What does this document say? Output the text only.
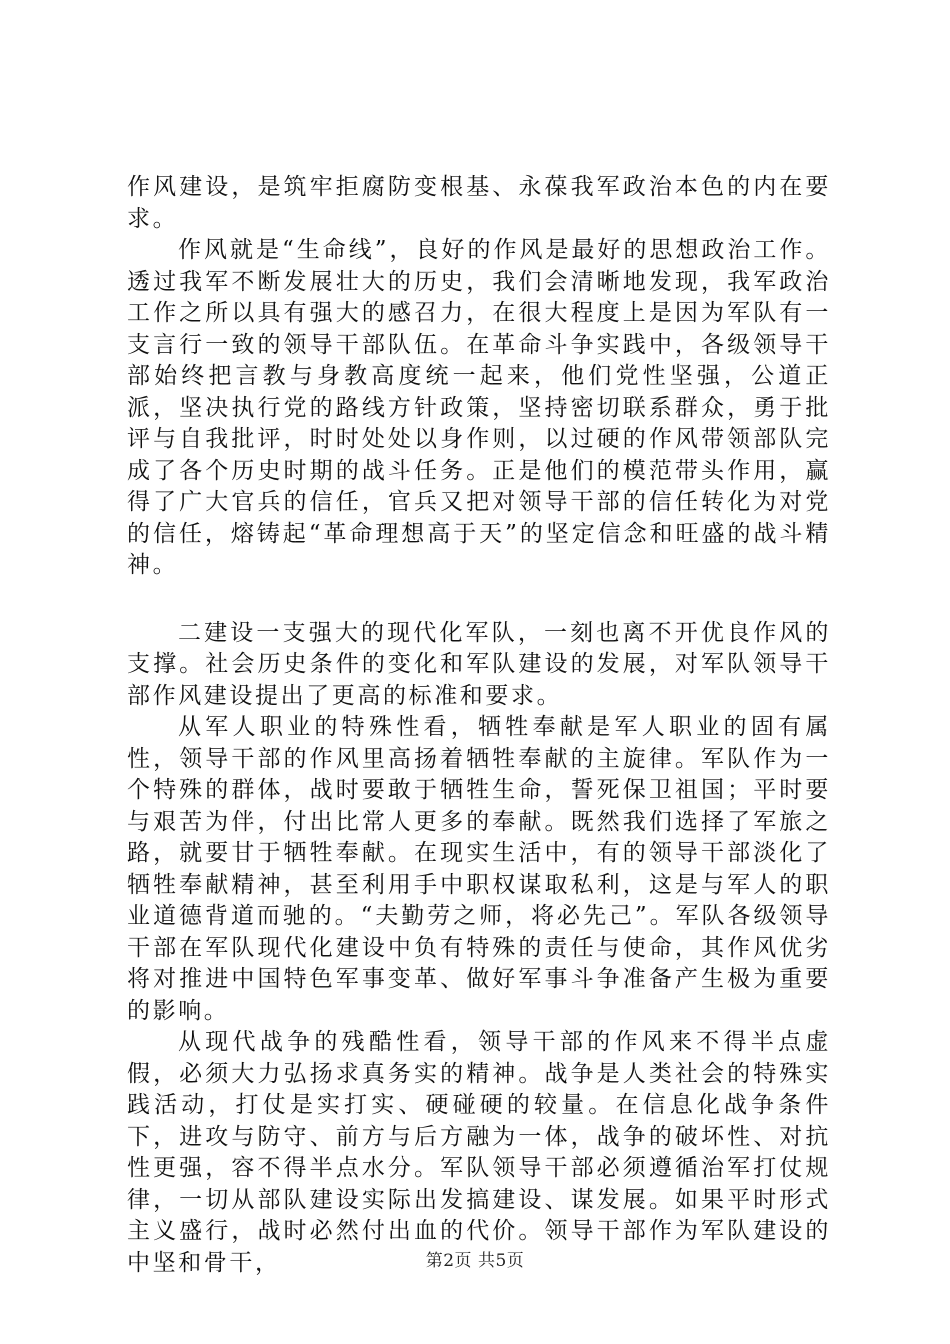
作风建设，是筑牢拒腐防变根基、永葆我军政治本色的内在要求。

作风就是“生命线”，良好的作风是最好的思想政治工作。透过我军不断发展壮大的历史，我们会清晰地发现，我军政治工作之所以具有强大的感召力，在很大程度上是因为军队有一支言行一致的领导干部队伍。在革命斗争实践中，各级领导干部始终把言教与身教高度统一起来，他们党性坚强，公道正派，坚决执行党的路线方针政策，坚持密切联系群众，勇于批评与自我批评，时时处处以身作则，以过硬的作风带领部队完成了各个历史时期的战斗任务。正是他们的模范带头作用，赢得了广大官兵的信任，官兵又把对领导干部的信任转化为对党的信任，熔铸起“革命理想高于天”的坚定信念和旺盛的战斗精神。

二建设一支强大的现代化军队，一刻也离不开优良作风的支撑。社会历史条件的变化和军队建设的发展，对军队领导干部作风建设提出了更高的标准和要求。

从军人职业的特殊性看，牺牲奉献是军人职业的固有属性，领导干部的作风里高扬着牺牲奉献的主旋律。军队作为一个特殊的群体，战时要敢于牺牲生命，誓死保卫祖国；平时要与艰苦为伴，付出比常人更多的奉献。既然我们选择了军旅之路，就要甘于牺牲奉献。在现实生活中，有的领导干部淡化了牺牲奉献精神，甚至利用手中职权谋取私利，这是与军人的职业道德背道而驰的。“夫勤劳之师，将必先己”。军队各级领导干部在军队现代化建设中负有特殊的责任与使命，其作风优劣将对推进中国特色军事变革、做好军事斗争准备产生极为重要的影响。

从现代战争的残酷性看，领导干部的作风来不得半点虚假，必须大力弘扬求真务实的精神。战争是人类社会的特殊实践活动，打仗是实打实、硬碰硬的较量。在信息化战争条件下，进攻与防守、前方与后方融为一体，战争的破坏性、对抗性更强，容不得半点水分。军队领导干部必须遵循治军打仗规律，一切从部队建设实际出发搞建设、谋发展。如果平时形式主义盛行，战时必然付出血的代价。领导干部作为军队建设的中坚和骨干，	第2页 共5页
